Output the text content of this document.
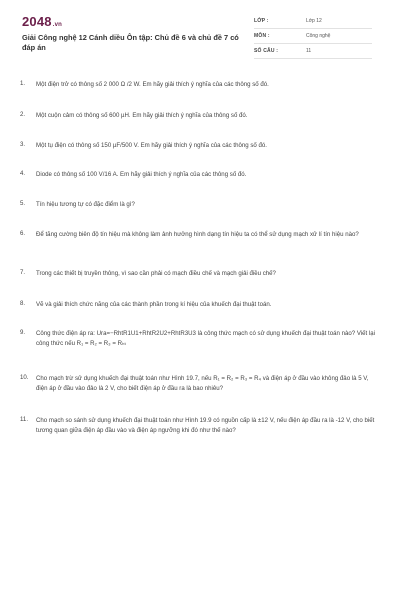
2048.vn
Giải Công nghệ 12 Cánh diều Ôn tập: Chủ đề 6 và chủ đề 7 có đáp án
LỚP :	Lớp 12
MÔN :	Công nghệ
SỐ CÂU :	11
1.	Một điện trở có thông số 2 000 Ω /2 W. Em hãy giải thích ý nghĩa của các thông số đó.
2.	Một cuộn cảm có thông số 600 µH. Em hãy giải thích ý nghĩa của thông số đó.
3.	Một tụ điện có thông số 150 µF/500 V. Em hãy giải thích ý nghĩa của các thông số đó.
4.	Diode có thông số 100 V/16 A. Em hãy giải thích ý nghĩa của các thông số đó.
5.	Tín hiệu tương tự có đặc điểm là gì?
6.	Để tăng cường biên độ tín hiệu mà không làm ảnh hưởng hình dạng tín hiệu ta có thể sử dụng mạch xử lí tín hiệu nào?
7.	Trong các thiết bị truyền thông, vì sao cần phải có mạch điều chế và mạch giải điều chế?
8.	Vẽ và giải thích chức năng của các thành phần trong kí hiệu của khuếch đại thuật toán.
9.	Công thức điện áp ra: Ura=−RhtR1U1+RhtR2U2+RhtR3U3 là công thức mạch có sử dụng khuếch đại thuật toán nào? Viết lại công thức nếu R₁ = R₂ = R₃ = Rₕₜ
10.	Cho mạch trừ sử dụng khuếch đại thuật toán như Hình 19.7, nếu R₁ = R₂ = R₃ = R₄ và điện áp ở đầu vào không đảo là 5 V, điện áp ở đầu vào đảo là 2 V, cho biết điện áp ở đầu ra là bao nhiêu?
11.	Cho mạch so sánh sử dụng khuếch đại thuật toán như Hình 19.9 có nguồn cấp là ±12 V, nếu điện áp đầu ra là -12 V, cho biết tương quan giữa điện áp đầu vào và điện áp ngưỡng khi đó như thế nào?
